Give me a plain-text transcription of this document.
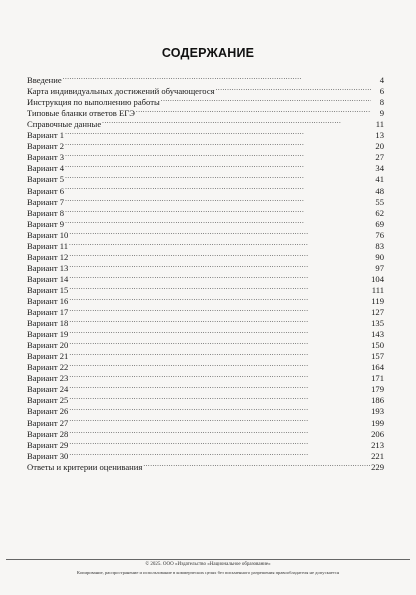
СОДЕРЖАНИЕ
Введение . . .	4
Карта индивидуальных достижений обучающегося . . .	6
Инструкция по выполнению работы . . .	8
Типовые бланки ответов ЕГЭ . . .	9
Справочные данные . . .	11
Вариант 1 . . .	13
Вариант 2 . . .	20
Вариант 3 . . .	27
Вариант 4 . . .	34
Вариант 5 . . .	41
Вариант 6 . . .	48
Вариант 7 . . .	55
Вариант 8 . . .	62
Вариант 9 . . .	69
Вариант 10 . . .	76
Вариант 11 . . .	83
Вариант 12 . . .	90
Вариант 13 . . .	97
Вариант 14 . . .	104
Вариант 15 . . .	111
Вариант 16 . . .	119
Вариант 17 . . .	127
Вариант 18 . . .	135
Вариант 19 . . .	143
Вариант 20 . . .	150
Вариант 21 . . .	157
Вариант 22 . . .	164
Вариант 23 . . .	171
Вариант 24 . . .	179
Вариант 25 . . .	186
Вариант 26 . . .	193
Вариант 27 . . .	199
Вариант 28 . . .	206
Вариант 29 . . .	213
Вариант 30 . . .	221
Ответы и критерии оценивания . . .	229
© 2025. ООО «Издательство «Национальное образование»
Копирование, распространение и использование в коммерческих целях без письменного разрешения правообладателя не допускается
